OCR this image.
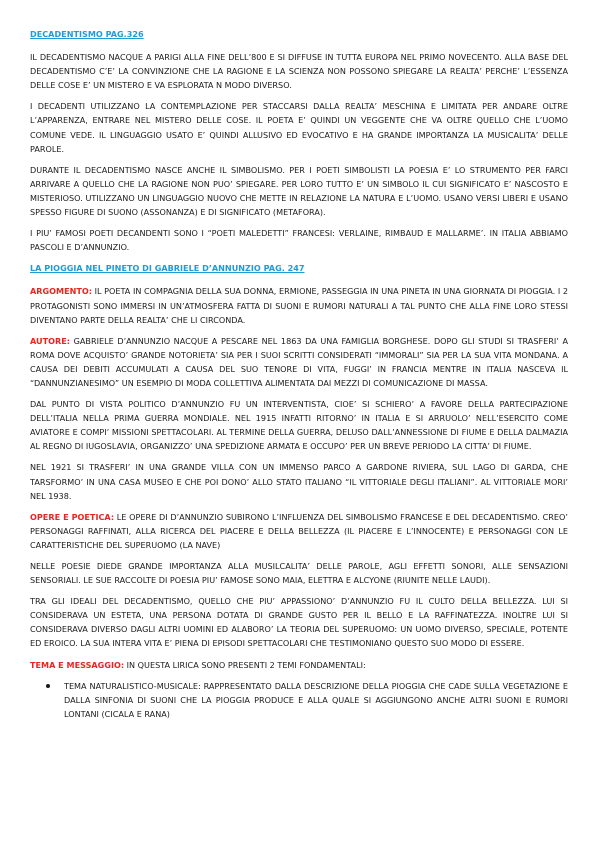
DECADENTISMO PAG.326

IL DECADENTISMO NACQUE A PARIGI ALLA FINE DELL’800 E SI DIFFUSE IN TUTTA EUROPA NEL PRIMO NOVECENTO. ALLA BASE DEL DECADENTISMO C’E’ LA CONVINZIONE CHE LA RAGIONE E LA SCIENZA NON POSSONO SPIEGARE LA REALTA’ PERCHE’ L’ESSENZA DELLE COSE E’ UN MISTERO E VA ESPLORATA N MODO DIVERSO.

I DECADENTI UTILIZZANO LA CONTEMPLAZIONE PER STACCARSI DALLA REALTA’ MESCHINA E LIMITATA PER ANDARE OLTRE L’APPARENZA, ENTRARE NEL MISTERO DELLE COSE. IL POETA E’ QUINDI UN VEGGENTE CHE VA OLTRE QUELLO CHE L’UOMO COMUNE VEDE. IL LINGUAGGIO USATO E’ QUINDI ALLUSIVO ED EVOCATIVO E HA GRANDE IMPORTANZA LA MUSICALITA’ DELLE PAROLE.

DURANTE IL DECADENTISMO NASCE ANCHE IL SIMBOLISMO. PER I POETI SIMBOLISTI LA POESIA E’ LO STRUMENTO PER FARCI ARRIVARE A QUELLO CHE LA RAGIONE NON PUO’ SPIEGARE. PER LORO TUTTO E’ UN SIMBOLO IL CUI SIGNIFICATO E’ NASCOSTO E MISTERIOSO. UTILIZZANO UN LINGUAGGIO NUOVO CHE METTE IN RELAZIONE LA NATURA E L’UOMO. USANO VERSI LIBERI E USANO SPESSO FIGURE DI SUONO (ASSONANZA) E DI SIGNIFICATO (METAFORA).

I PIU’ FAMOSI POETI DECANDENTI SONO I “POETI MALEDETTI” FRANCESI: VERLAINE, RIMBAUD E MALLARME’. IN ITALIA ABBIAMO PASCOLI E D’ANNUNZIO.

LA PIOGGIA NEL PINETO DI GABRIELE D’ANNUNZIO PAG. 247

ARGOMENTO: IL POETA IN COMPAGNIA DELLA SUA DONNA, ERMIONE, PASSEGGIA IN UNA PINETA IN UNA GIORNATA DI PIOGGIA. I 2 PROTAGONISTI SONO IMMERSI IN UN’ATMOSFERA FATTA DI SUONI E RUMORI NATURALI A TAL PUNTO CHE ALLA FINE LORO STESSI DIVENTANO PARTE DELLA REALTA’ CHE LI CIRCONDA.

AUTORE: GABRIELE D’ANNUNZIO NACQUE A PESCARE NEL 1863 DA UNA FAMIGLIA BORGHESE. DOPO GLI STUDI SI TRASFERI’ A ROMA DOVE ACQUISTO’ GRANDE NOTORIETA’ SIA PER I SUOI SCRITTI CONSIDERATI “IMMORALI” SIA PER LA SUA VITA MONDANA. A CAUSA DEI DEBITI ACCUMULATI A CAUSA DEL SUO TENORE DI VITA, FUGGI’ IN FRANCIA MENTRE IN ITALIA NASCEVA IL “DANNUNZIANESIMO” UN ESEMPIO DI MODA COLLETTIVA ALIMENTATA DAI MEZZI DI COMUNICAZIONE DI MASSA.

DAL PUNTO DI VISTA POLITICO D’ANNUNZIO FU UN INTERVENTISTA, CIOE’ SI SCHIERO’ A FAVORE DELLA PARTECIPAZIONE DELL’ITALIA NELLA PRIMA GUERRA MONDIALE. NEL 1915 INFATTI RITORNO’ IN ITALIA E SI ARRUOLO’ NELL’ESERCITO COME AVIATORE E COMPI’ MISSIONI SPETTACOLARI. AL TERMINE DELLA GUERRA, DELUSO DALL’ANNESSIONE DI FIUME E DELLA DALMAZIA AL REGNO DI IUGOSLAVIA, ORGANIZZO’ UNA SPEDIZIONE ARMATA E OCCUPO’ PER UN BREVE PERIODO LA CITTA’ DI FIUME.

NEL 1921 SI TRASFERI’ IN UNA GRANDE VILLA CON UN IMMENSO PARCO A GARDONE RIVIERA, SUL LAGO DI GARDA, CHE TARSFORMO’ IN UNA CASA MUSEO E CHE POI DONO’ ALLO STATO ITALIANO “IL VITTORIALE DEGLI ITALIANI”. AL VITTORIALE MORI’ NEL 1938.

OPERE E POETICA: LE OPERE DI D’ANNUNZIO SUBIRONO L’INFLUENZA DEL SIMBOLISMO FRANCESE E DEL DECADENTISMO. CREO’ PERSONAGGI RAFFINATI, ALLA RICERCA DEL PIACERE E DELLA BELLEZZA (IL PIACERE E L’INNOCENTE) E PERSONAGGI CON LE CARATTERISTICHE DEL SUPERUOMO (LA NAVE)

NELLE POESIE DIEDE GRANDE IMPORTANZA ALLA MUSILCALITA’ DELLE PAROLE, AGLI EFFETTI SONORI, ALLE SENSAZIONI SENSORIALI. LE SUE RACCOLTE DI POESIA PIU’ FAMOSE SONO MAIA, ELETTRA E ALCYONE (RIUNITE NELLE LAUDI).

TRA GLI IDEALI DEL DECADENTISMO, QUELLO CHE PIU’ APPASSIONO’ D’ANNUNZIO FU IL CULTO DELLA BELLEZZA. LUI SI CONSIDERAVA UN ESTETA, UNA PERSONA DOTATA DI GRANDE GUSTO PER IL BELLO E LA RAFFINATEZZA. INOLTRE LUI SI CONSIDERAVA DIVERSO DAGLI ALTRI UOMINI ED ALABORO’ LA TEORIA DEL SUPERUOMO: UN UOMO DIVERSO, SPECIALE, POTENTE ED EROICO. LA SUA INTERA VITA E’ PIENA DI EPISODI SPETTACOLARI CHE TESTIMONIANO QUESTO SUO MODO DI ESSERE.

TEMA E MESSAGGIO: IN QUESTA LIRICA SONO PRESENTI 2 TEMI FONDAMENTALI:

TEMA NATURALISTICO-MUSICALE: RAPPRESENTATO DALLA DESCRIZIONE DELLA PIOGGIA CHE CADE SULLA VEGETAZIONE E DALLA SINFONIA DI SUONI CHE LA PIOGGIA PRODUCE E ALLA QUALE SI AGGIUNGONO ANCHE ALTRI SUONI E RUMORI LONTANI (CICALA E RANA)
